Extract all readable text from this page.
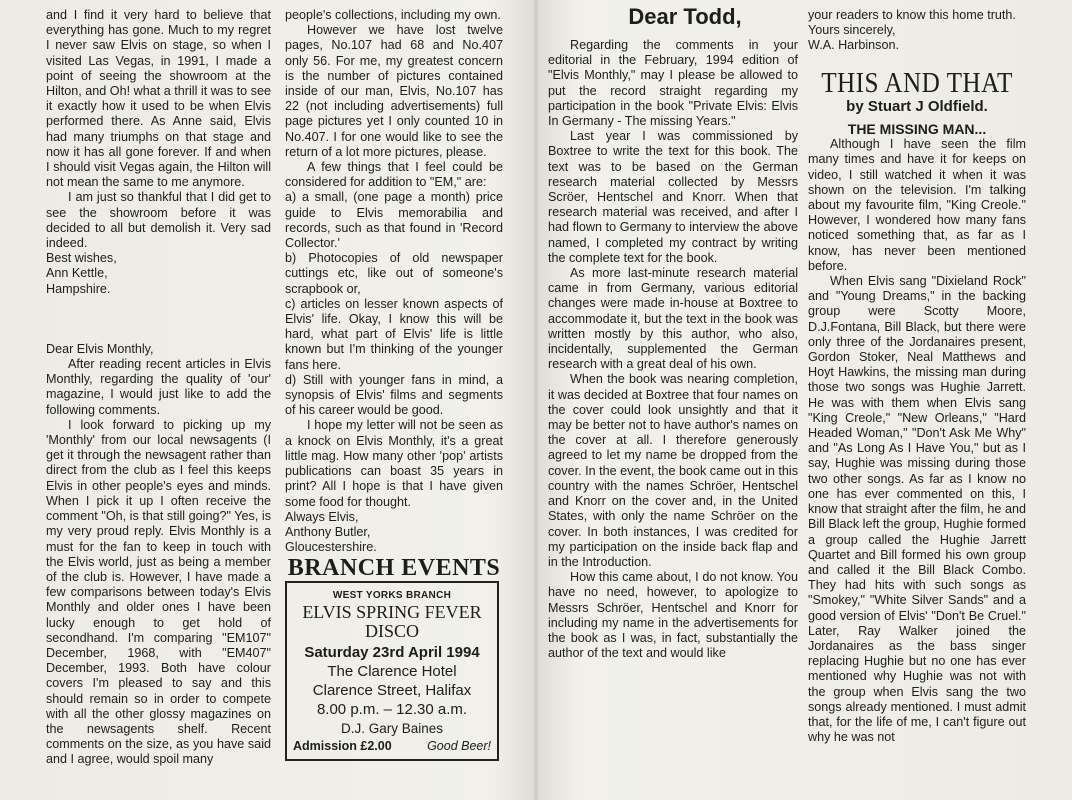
and I find it very hard to believe that everything has gone. Much to my regret I never saw Elvis on stage, so when I visited Las Vegas, in 1991, I made a point of seeing the showroom at the Hilton, and Oh! what a thrill it was to see it exactly how it used to be when Elvis performed there. As Anne said, Elvis had many triumphs on that stage and now it has all gone forever. If and when I should visit Vegas again, the Hilton will not mean the same to me anymore.

I am just so thankful that I did get to see the showroom before it was decided to all but demolish it. Very sad indeed.

Best wishes,

Ann Kettle,

Hampshire.

Dear Elvis Monthly,

After reading recent articles in Elvis Monthly, regarding the quality of 'our' magazine, I would just like to add the following comments.

I look forward to picking up my 'Monthly' from our local newsagents (I get it through the newsagent rather than direct from the club as I feel this keeps Elvis in other people's eyes and minds. When I pick it up I often receive the comment "Oh, is that still going?" Yes, is my very proud reply. Elvis Monthly is a must for the fan to keep in touch with the Elvis world, just as being a member of the club is. However, I have made a few comparisons between today's Elvis Monthly and older ones I have been lucky enough to get hold of secondhand. I'm comparing "EM107" December, 1968, with "EM407" December, 1993. Both have colour covers I'm pleased to say and this should remain so in order to compete with all the other glossy magazines on the newsagents shelf. Recent comments on the size, as you have said and I agree, would spoil many

people's collections, including my own.

However we have lost twelve pages, No.107 had 68 and No.407 only 56. For me, my greatest concern is the number of pictures contained inside of our man, Elvis, No.107 has 22 (not including advertisements) full page pictures yet I only counted 10 in No.407. I for one would like to see the return of a lot more pictures, please.

A few things that I feel could be considered for addition to "EM," are:

a) a small, (one page a month) price guide to Elvis memorabilia and records, such as that found in 'Record Collector.'

b) Photocopies of old newspaper cuttings etc, like out of someone's scrapbook or,

c) articles on lesser known aspects of Elvis' life. Okay, I know this will be hard, what part of Elvis' life is little known but I'm thinking of the younger fans here.

d) Still with younger fans in mind, a synopsis of Elvis' films and segments of his career would be good.

I hope my letter will not be seen as a knock on Elvis Monthly, it's a great little mag. How many other 'pop' artists publications can boast 35 years in print? All I hope is that I have given some food for thought.

Always Elvis,

Anthony Butler,

Gloucestershire.

BRANCH EVENTS
WEST YORKS BRANCH
ELVIS SPRING FEVER DISCO
Saturday 23rd April 1994
The Clarence Hotel
Clarence Street, Halifax
8.00 p.m. – 12.30 a.m.
D.J. Gary Baines
Admission £2.00	Good Beer!
Dear Todd,

Regarding the comments in your editorial in the February, 1994 edition of "Elvis Monthly," may I please be allowed to put the record straight regarding my participation in the book "Private Elvis: Elvis In Germany - The missing Years."

Last year I was commissioned by Boxtree to write the text for this book. The text was to be based on the German research material collected by Messrs Scröer, Hentschel and Knorr. When that research material was received, and after I had flown to Germany to interview the above named, I completed my contract by writing the complete text for the book.

As more last-minute research material came in from Germany, various editorial changes were made in-house at Boxtree to accommodate it, but the text in the book was written mostly by this author, who also, incidentally, supplemented the German research with a great deal of his own.

When the book was nearing completion, it was decided at Boxtree that four names on the cover could look unsightly and that it may be better not to have author's names on the cover at all. I therefore generously agreed to let my name be dropped from the cover. In the event, the book came out in this country with the names Schröer, Hentschel and Knorr on the cover and, in the United States, with only the name Schröer on the cover. In both instances, I was credited for my participation on the inside back flap and in the Introduction.

How this came about, I do not know. You have no need, however, to apologize to Messrs Schröer, Hentschel and Knorr for including my name in the advertisements for the book as I was, in fact, substantially the author of the text and would like

your readers to know this home truth.

Yours sincerely,

W.A. Harbinson.

THIS AND THAT
by Stuart J Oldfield.
THE MISSING MAN...

Although I have seen the film many times and have it for keeps on video, I still watched it when it was shown on the television. I'm talking about my favourite film, "King Creole." However, I wondered how many fans noticed something that, as far as I know, has never been mentioned before.

When Elvis sang "Dixieland Rock" and "Young Dreams," in the backing group were Scotty Moore, D.J.Fontana, Bill Black, but there were only three of the Jordanaires present, Gordon Stoker, Neal Matthews and Hoyt Hawkins, the missing man during those two songs was Hughie Jarrett. He was with them when Elvis sang "King Creole," "New Orleans," "Hard Headed Woman," "Don't Ask Me Why" and "As Long As I Have You," but as I say, Hughie was missing during those two other songs. As far as I know no one has ever commented on this, I know that straight after the film, he and Bill Black left the group, Hughie formed a group called the Hughie Jarrett Quartet and Bill formed his own group and called it the Bill Black Combo. They had hits with such songs as "Smokey," "White Silver Sands" and a good version of Elvis' "Don't Be Cruel." Later, Ray Walker joined the Jordanaires as the bass singer replacing Hughie but no one has ever mentioned why Hughie was not with the group when Elvis sang the two songs already mentioned. I must admit that, for the life of me, I can't figure out why he was not
